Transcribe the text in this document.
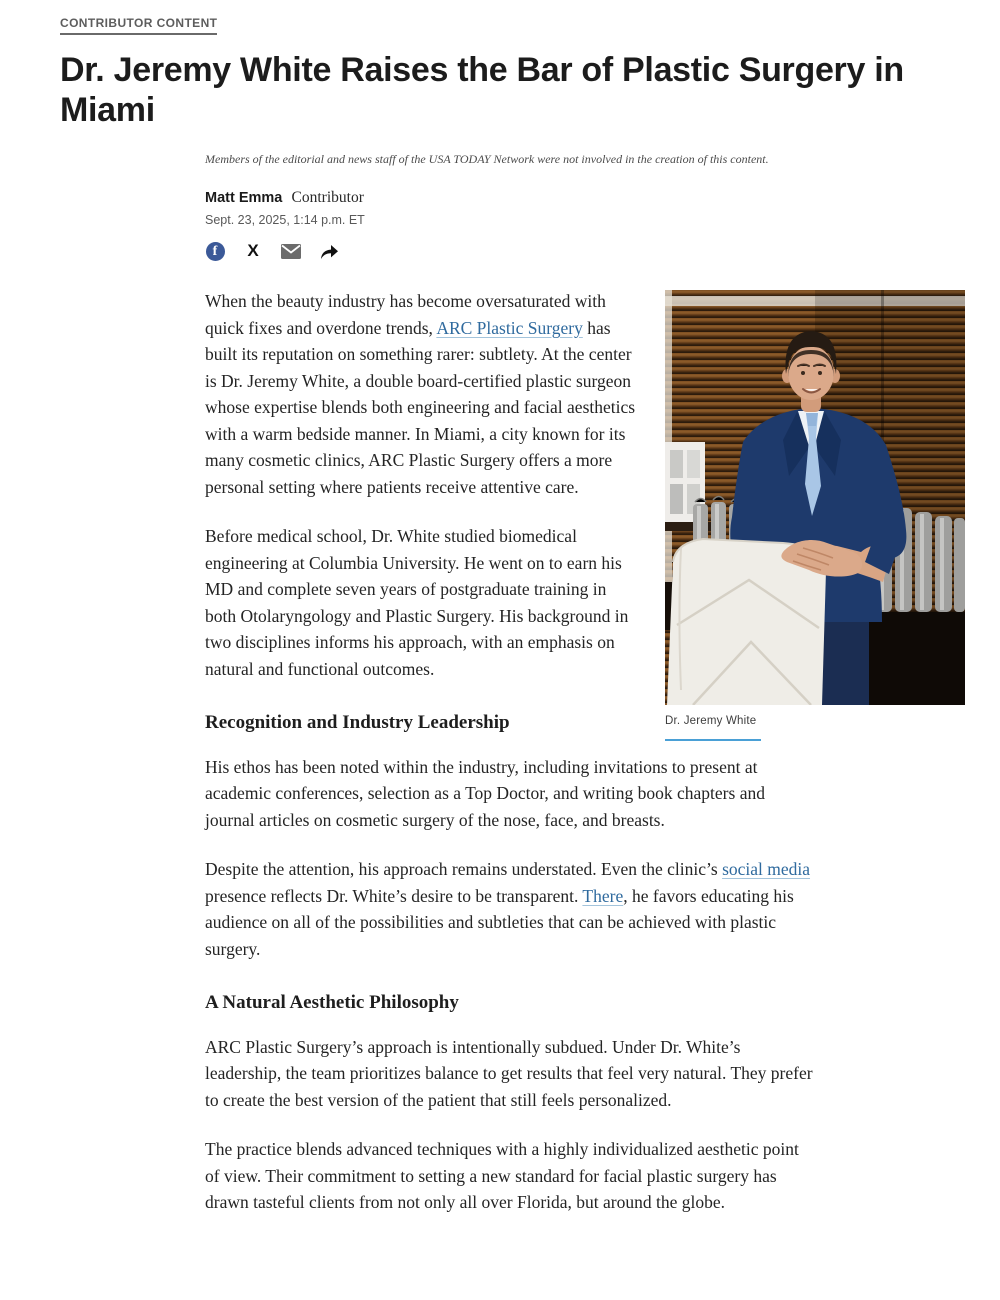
CONTRIBUTOR CONTENT
Dr. Jeremy White Raises the Bar of Plastic Surgery in Miami
Members of the editorial and news staff of the USA TODAY Network were not involved in the creation of this content.
Matt Emma Contributor
Sept. 23, 2025, 1:14 p.m. ET
f	X
Dr. Jeremy White

When the beauty industry has become oversaturated with quick fixes and overdone trends, ARC Plastic Surgery has built its reputation on something rarer: subtlety. At the center is Dr. Jeremy White, a double board-certified plastic surgeon whose expertise blends both engineering and facial aesthetics with a warm bedside manner. In Miami, a city known for its many cosmetic clinics, ARC Plastic Surgery offers a more personal setting where patients receive attentive care.

Before medical school, Dr. White studied biomedical engineering at Columbia University. He went on to earn his MD and complete seven years of postgraduate training in both Otolaryngology and Plastic Surgery. His background in two disciplines informs his approach, with an emphasis on natural and functional outcomes.

Recognition and Industry Leadership

His ethos has been noted within the industry, including invitations to present at academic conferences, selection as a Top Doctor, and writing book chapters and journal articles on cosmetic surgery of the nose, face, and breasts.

Despite the attention, his approach remains understated. Even the clinic’s social media presence reflects Dr. White’s desire to be transparent. There, he favors educating his audience on all of the possibilities and subtleties that can be achieved with plastic surgery.

A Natural Aesthetic Philosophy

ARC Plastic Surgery’s approach is intentionally subdued. Under Dr. White’s leadership, the team prioritizes balance to get results that feel very natural. They prefer to create the best version of the patient that still feels personalized.

The practice blends advanced techniques with a highly individualized aesthetic point of view. Their commitment to setting a new standard for facial plastic surgery has drawn tasteful clients from not only all over Florida, but around the globe.
